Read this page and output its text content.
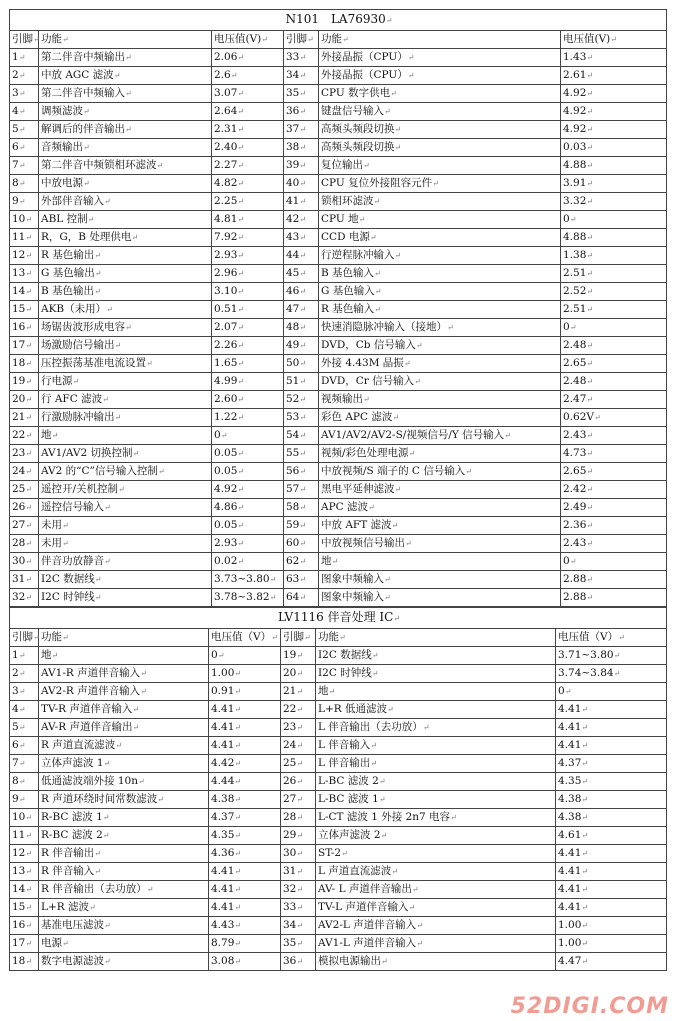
N101　LA76930↵					
引脚↵	功能↵	电压值(V)↵	引脚↵	功能↵	电压值(V)↵
1↵	第二伴音中频输出↵	2.06↵	33↵	外接晶振（CPU）↵	1.43↵
2↵	中放 AGC 滤波↵	2.6↵	34↵	外接晶振（CPU）↵	2.61↵
3↵	第二伴音中频输入↵	3.07↵	35↵	CPU 数字供电↵	4.92↵
4↵	调频滤波↵	2.64↵	36↵	键盘信号输入↵	4.92↵
5↵	解调后的伴音输出↵	2.31↵	37↵	高频头频段切换↵	4.92↵
6↵	音频输出↵	2.40↵	38↵	高频头频段切换↵	0.03↵
7↵	第二伴音中频锁相环滤波↵	2.27↵	39↵	复位输出↵	4.88↵
8↵	中放电源↵	4.82↵	40↵	CPU 复位外接阻容元件↵	3.91↵
9↵	外部伴音输入↵	2.25↵	41↵	锁相环滤波↵	3.32↵
10↵	ABL 控制↵	4.81↵	42↵	CPU 地↵	0↵
11↵	R，G，B 处理供电↵	7.92↵	43↵	CCD 电源↵	4.88↵
12↵	R 基色输出↵	2.93↵	44↵	行逆程脉冲输入↵	1.38↵
13↵	G 基色输出↵	2.96↵	45↵	B 基色输入↵	2.51↵
14↵	B 基色输出↵	3.10↵	46↵	G 基色输入↵	2.52↵
15↵	AKB（未用）↵	0.51↵	47↵	R 基色输入↵	2.51↵
16↵	场锯齿波形成电容↵	2.07↵	48↵	快速消隐脉冲输入（接地）↵	0↵
17↵	场激励信号输出↵	2.26↵	49↵	DVD，Cb 信号输入↵	2.48↵
18↵	压控振荡基准电流设置↵	1.65↵	50↵	外接 4.43M 晶振↵	2.65↵
19↵	行电源↵	4.99↵	51↵	DVD，Cr 信号输入↵	2.48↵
20↵	行 AFC 滤波↵	2.60↵	52↵	视频输出↵	2.47↵
21↵	行激励脉冲输出↵	1.22↵	53↵	彩色 APC 滤波↵	0.62V↵
22↵	地↵	0↵	54↵	AV1/AV2/AV2-S/视频信号/Y 信号输入↵	2.43↵
23↵	AV1/AV2 切换控制↵	0.05↵	55↵	视频/彩色处理电源↵	4.73↵
24↵	AV2 的“C”信号输入控制↵	0.05↵	56↵	中放视频/S 端子的 C 信号输入↵	2.65↵
25↵	遥控开/关机控制↵	4.92↵	57↵	黑电平延伸滤波↵	2.42↵
26↵	遥控信号输入↵	4.86↵	58↵	APC 滤波↵	2.49↵
27↵	未用↵	0.05↵	59↵	中放 AFT 滤波↵	2.36↵
28↵	未用↵	2.93↵	60↵	中放视频信号输出↵	2.43↵
30↵	伴音功放静音↵	0.02↵	62↵	地↵	0↵
31↵	I2C 数据线↵	3.73~3.80↵	63↵	图象中频输入↵	2.88↵
32↵	I2C 时钟线↵	3.78~3.82↵	64↵	图象中频输入↵	2.88↵
LV1116 伴音处理 IC↵					
引脚↵	功能↵	电压值（V）↵	引脚↵	功能↵	电压值（V）↵
1↵	地↵	0↵	19↵	I2C 数据线↵	3.71~3.80↵
2↵	AV1-R 声道伴音输入↵	1.00↵	20↵	I2C 时钟线↵	3.74~3.84↵
3↵	AV2-R 声道伴音输入↵	0.91↵	21↵	地↵	0↵
4↵	TV-R 声道伴音输入↵	4.41↵	22↵	L+R 低通滤波↵	4.41↵
5↵	AV-R 声道伴音输出↵	4.41↵	23↵	L 伴音输出（去功放）↵	4.41↵
6↵	R 声道直流滤波↵	4.41↵	24↵	L 伴音输入↵	4.41↵
7↵	立体声滤波 1↵	4.42↵	25↵	L 伴音输出↵	4.37↵
8↵	低通滤波端外接 10n↵	4.44↵	26↵	L-BC 滤波 2↵	4.35↵
9↵	R 声道环绕时间常数滤波↵	4.38↵	27↵	L-BC 滤波 1↵	4.38↵
10↵	R-BC 滤波 1↵	4.37↵	28↵	L-CT 滤波 1 外接 2n7 电容↵	4.38↵
11↵	R-BC 滤波 2↵	4.35↵	29↵	立体声滤波 2↵	4.61↵
12↵	R 伴音输出↵	4.36↵	30↵	ST-2↵	4.41↵
13↵	R 伴音输入↵	4.41↵	31↵	L 声道直流滤波↵	4.41↵
14↵	R 伴音输出（去功放）↵	4.41↵	32↵	AV- L 声道伴音输出↵	4.41↵
15↵	L+R 滤波↵	4.41↵	33↵	TV-L 声道伴音输入↵	4.41↵
16↵	基准电压滤波↵	4.43↵	34↵	AV2-L 声道伴音输入↵	1.00↵
17↵	电源↵	8.79↵	35↵	AV1-L 声道伴音输入↵	1.00↵
18↵	数字电源滤波↵	3.08↵	36↵	模拟电源输出↵	4.47↵
52DIGI.COM
